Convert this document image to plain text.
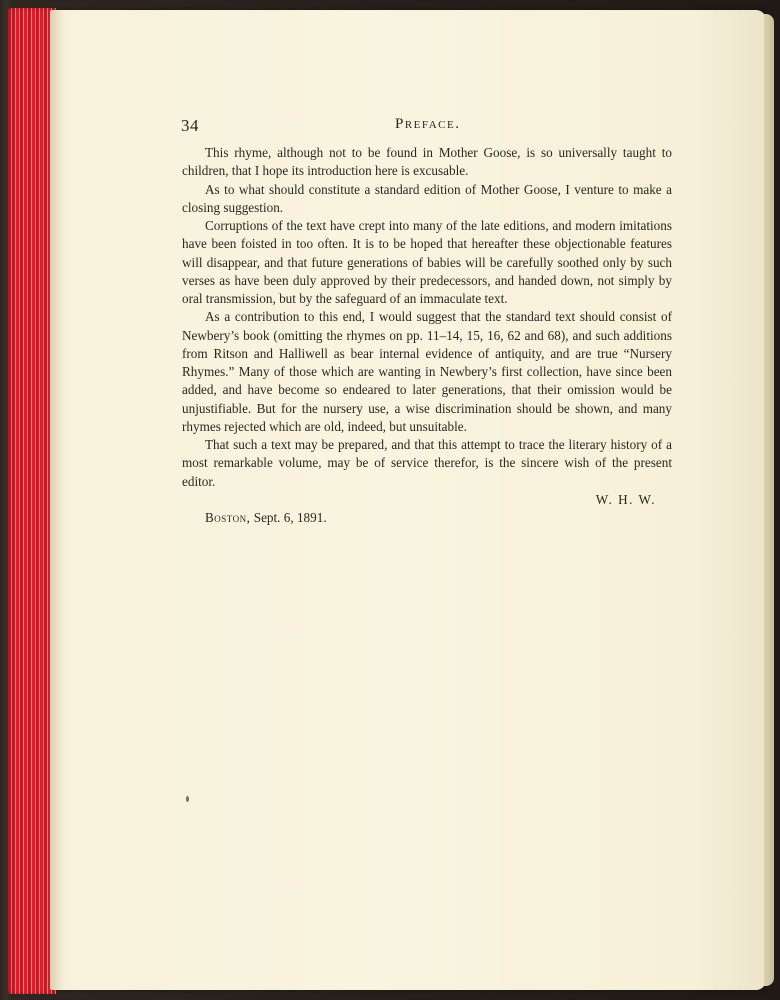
34	Preface.

This rhyme, although not to be found in Mother Goose, is so universally taught to children, that I hope its introduction here is excusable.

As to what should constitute a standard edition of Mother Goose, I venture to make a closing suggestion.

Corruptions of the text have crept into many of the late editions, and modern imitations have been foisted in too often. It is to be hoped that hereafter these objectionable features will disappear, and that future generations of babies will be carefully soothed only by such verses as have been duly approved by their predecessors, and handed down, not simply by oral transmission, but by the safeguard of an immaculate text.

As a contribution to this end, I would suggest that the standard text should consist of Newbery’s book (omitting the rhymes on pp. 11–14, 15, 16, 62 and 68), and such additions from Ritson and Halliwell as bear internal evidence of antiquity, and are true “Nursery Rhymes.” Many of those which are wanting in Newbery’s first collection, have since been added, and have become so endeared to later generations, that their omission would be unjustifiable. But for the nursery use, a wise discrimination should be shown, and many rhymes rejected which are old, indeed, but unsuitable.

That such a text may be prepared, and that this attempt to trace the literary history of a most remarkable volume, may be of service therefor, is the sincere wish of the present editor.

W. H. W.

Boston, Sept. 6, 1891.
